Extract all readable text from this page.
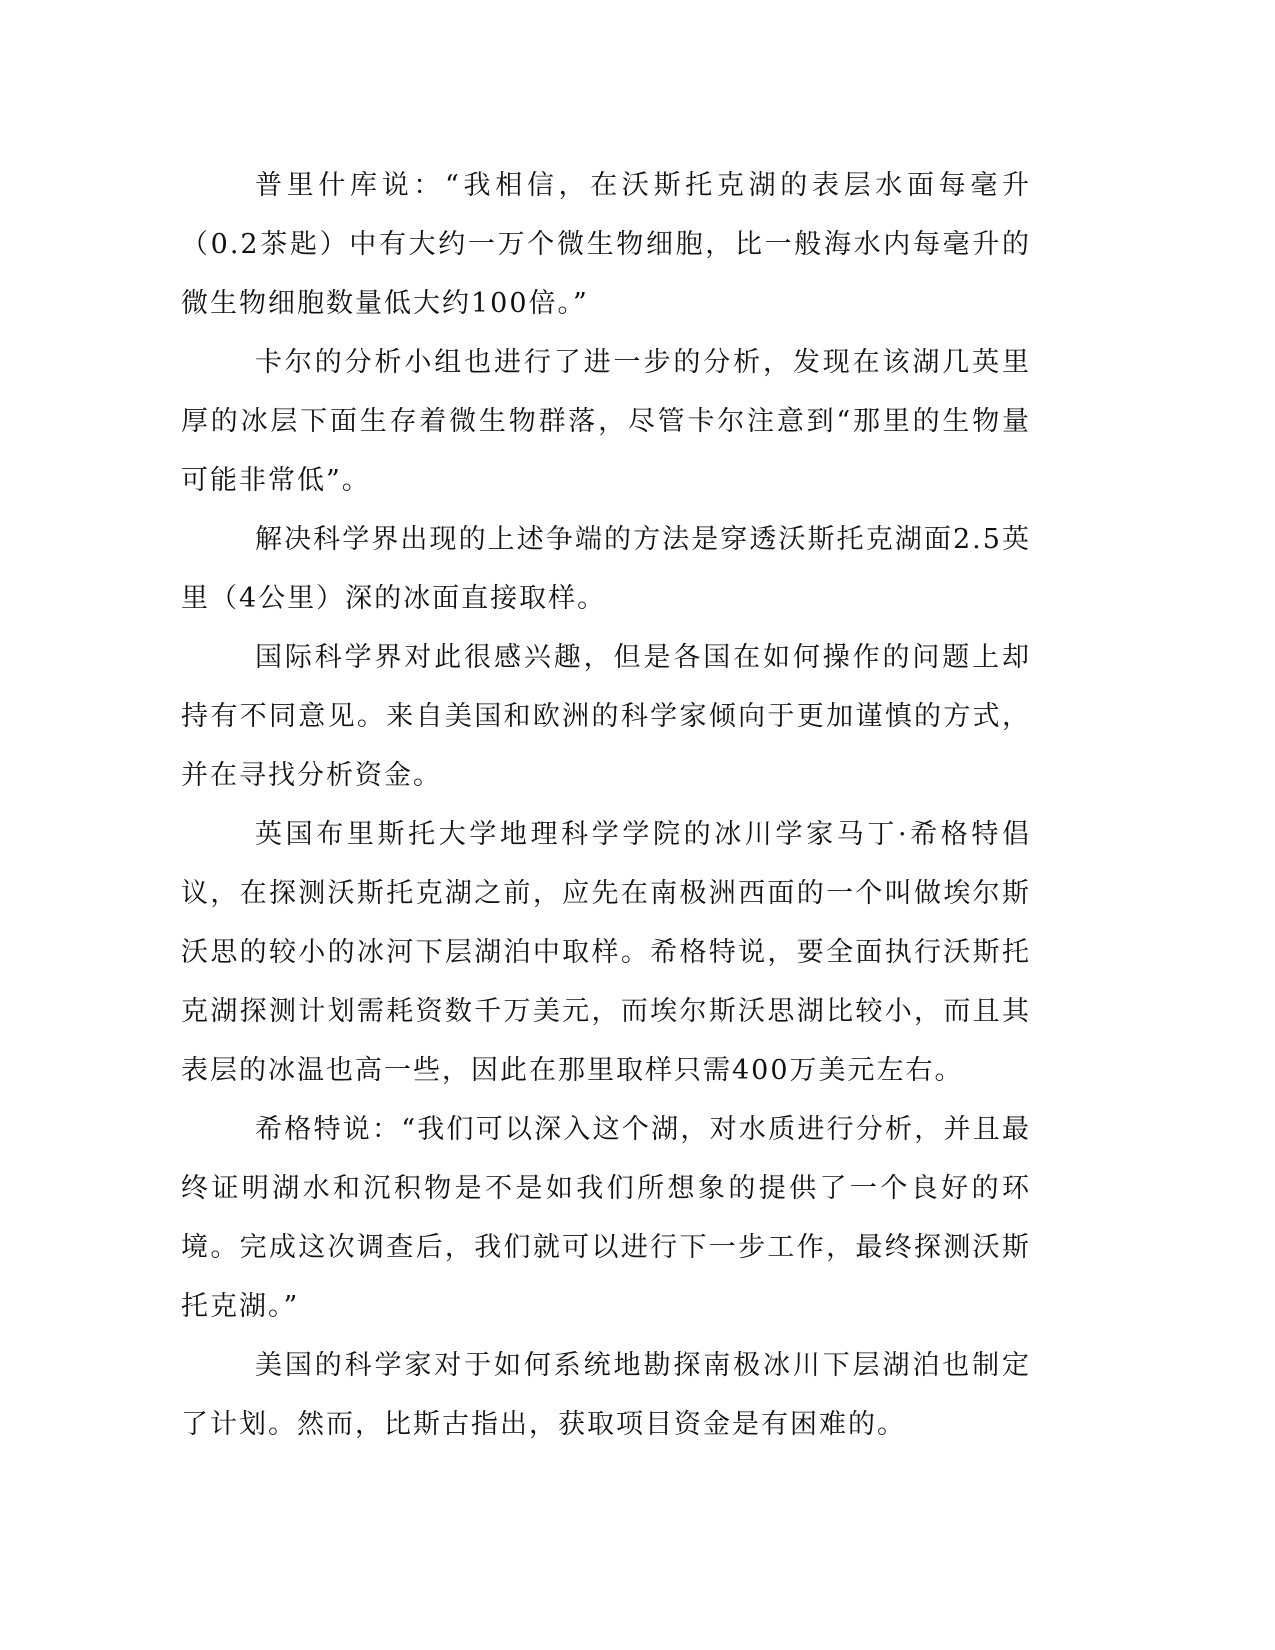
普里什库说：“我相信，在沃斯托克湖的表层水面每毫升（0.2茶匙）中有大约一万个微生物细胞，比一般海水内每毫升的微生物细胞数量低大约100倍。”

卡尔的分析小组也进行了进一步的分析，发现在该湖几英里厚的冰层下面生存着微生物群落，尽管卡尔注意到“那里的生物量可能非常低”。

解决科学界出现的上述争端的方法是穿透沃斯托克湖面2.5英里（4公里）深的冰面直接取样。

国际科学界对此很感兴趣，但是各国在如何操作的问题上却持有不同意见。来自美国和欧洲的科学家倾向于更加谨慎的方式，并在寻找分析资金。

英国布里斯托大学地理科学学院的冰川学家马丁·希格特倡议，在探测沃斯托克湖之前，应先在南极洲西面的一个叫做埃尔斯沃思的较小的冰河下层湖泊中取样。希格特说，要全面执行沃斯托克湖探测计划需耗资数千万美元，而埃尔斯沃思湖比较小，而且其表层的冰温也高一些，因此在那里取样只需400万美元左右。

希格特说：“我们可以深入这个湖，对水质进行分析，并且最终证明湖水和沉积物是不是如我们所想象的提供了一个良好的环境。完成这次调查后，我们就可以进行下一步工作，最终探测沃斯托克湖。”

美国的科学家对于如何系统地勘探南极冰川下层湖泊也制定了计划。然而，比斯古指出，获取项目资金是有困难的。
